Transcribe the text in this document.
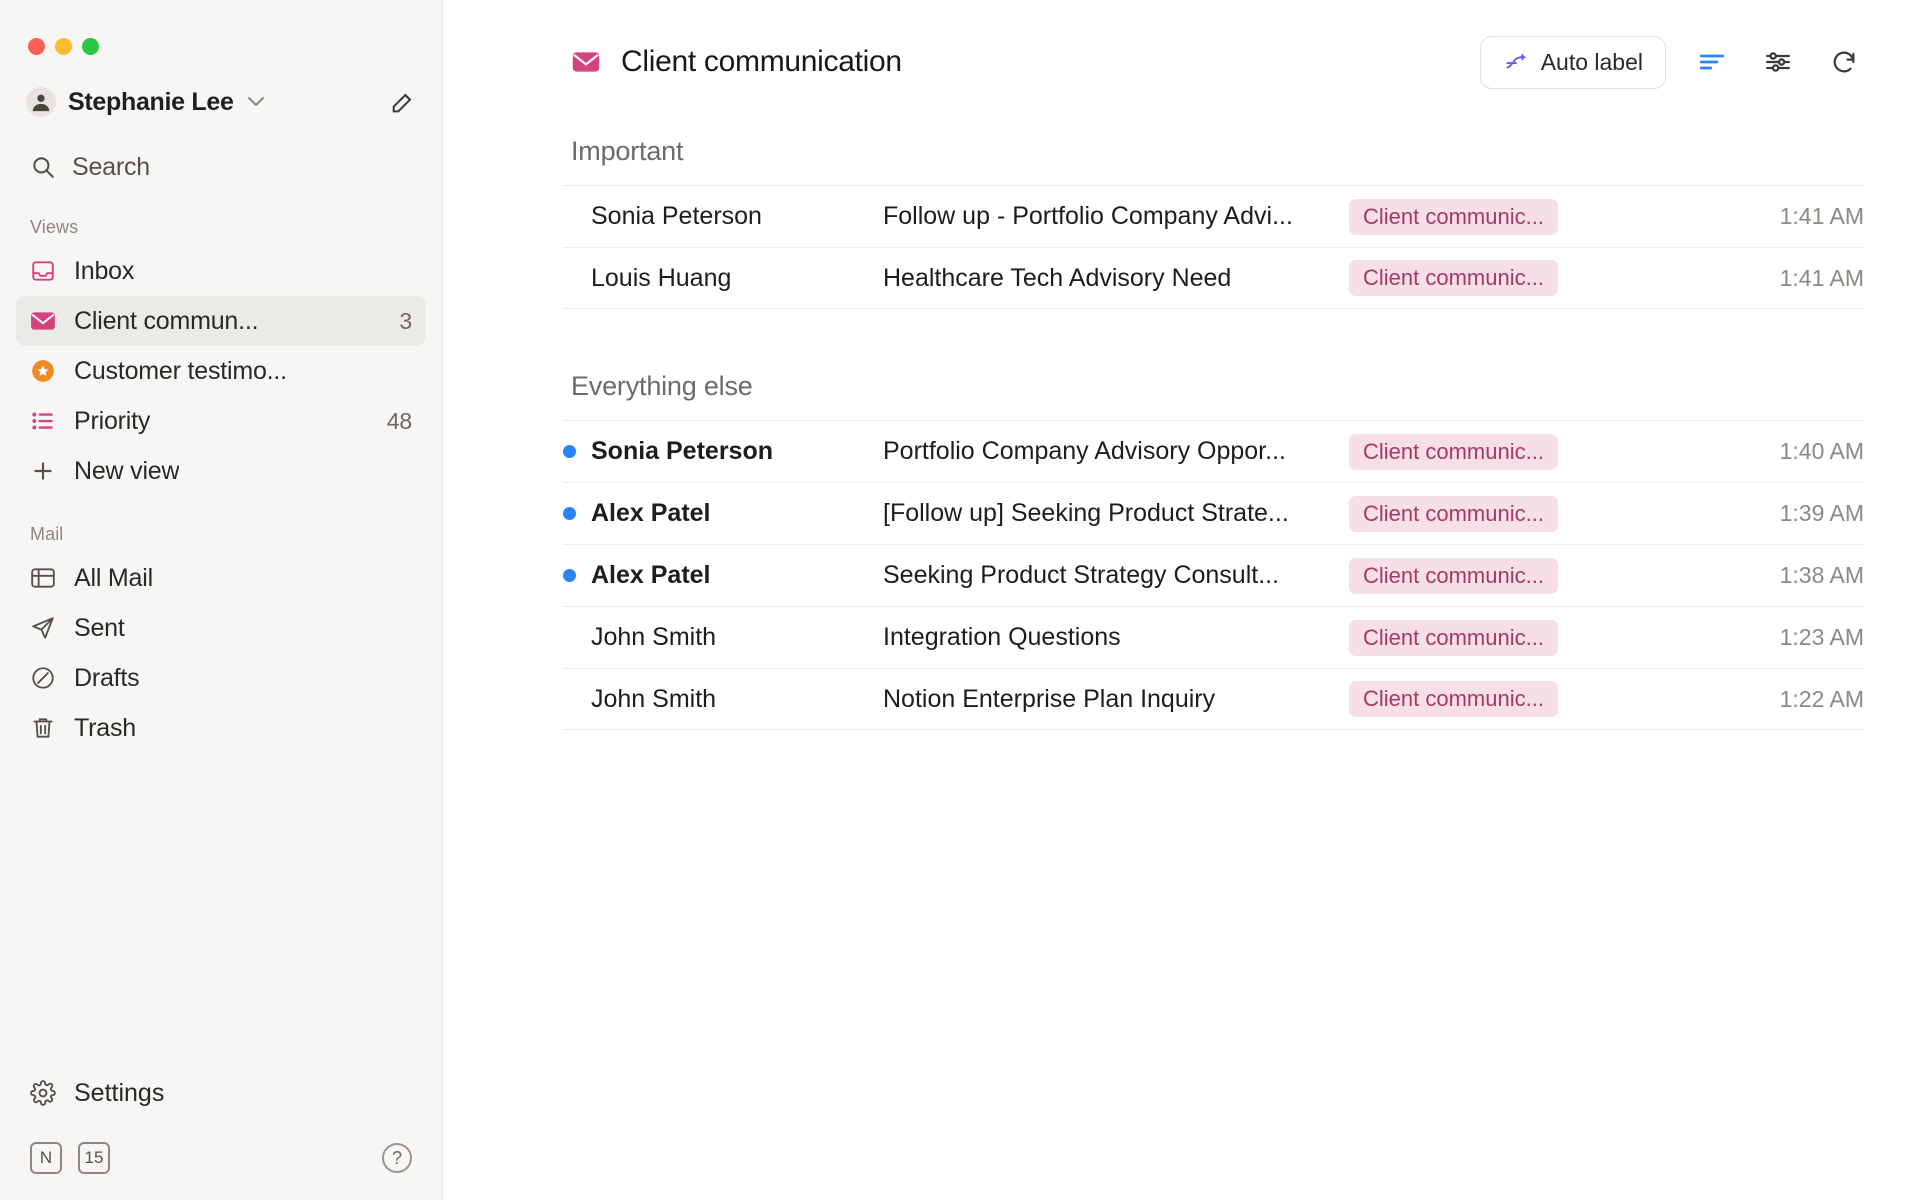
Stephanie Lee
Search
Views
Inbox
Client commun...	3
Customer testimo...
Priority	48
New view
Mail
All Mail
Sent
Drafts
Trash
Settings
N	15	?
Client communication	Auto label
Important
Sonia Peterson	Follow up - Portfolio Company Advi...	Client communic...	1:41 AM
Louis Huang	Healthcare Tech Advisory Need	Client communic...	1:41 AM
Everything else
Sonia Peterson	Portfolio Company Advisory Oppor...	Client communic...	1:40 AM
Alex Patel	[Follow up] Seeking Product Strate...	Client communic...	1:39 AM
Alex Patel	Seeking Product Strategy Consult...	Client communic...	1:38 AM
John Smith	Integration Questions	Client communic...	1:23 AM
John Smith	Notion Enterprise Plan Inquiry	Client communic...	1:22 AM
